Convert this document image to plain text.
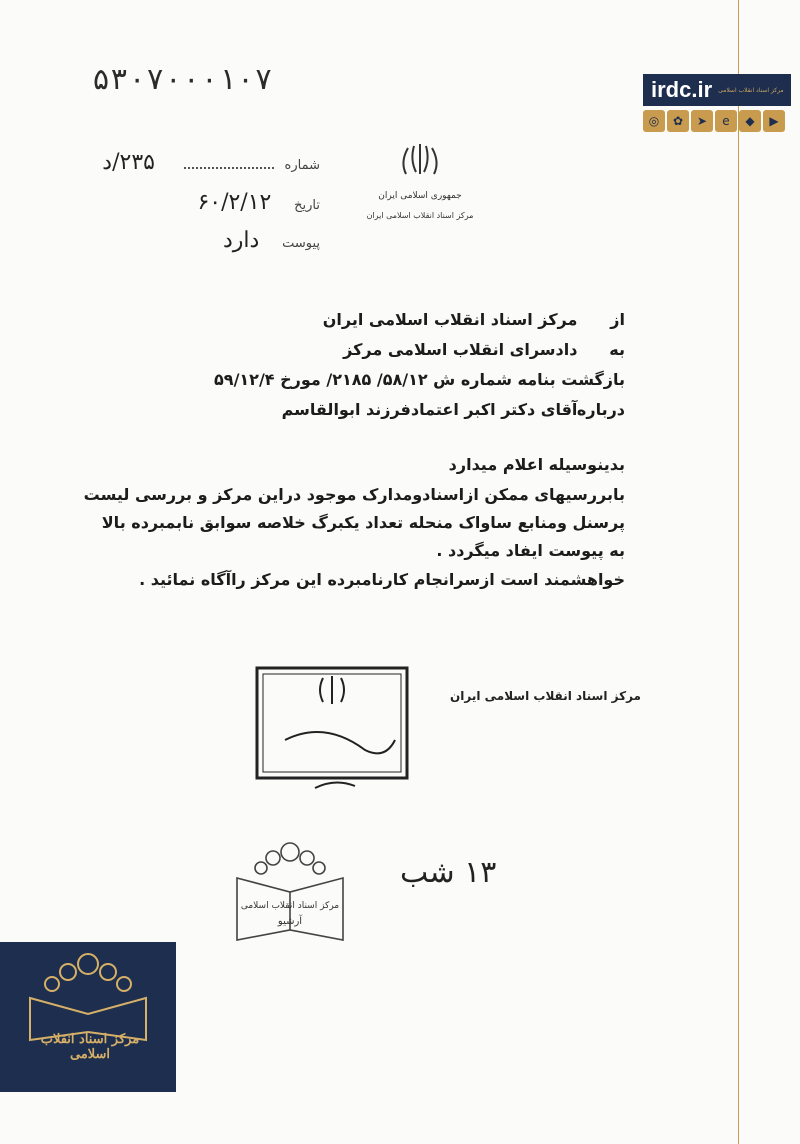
۵۳۰۷۰۰۰۱۰۷
شماره  ۲۳۵/د
تاریخ ۶۰/۲/۱۲
پیوست دارد
جمهوری اسلامی ایران
مرکز اسناد انقلاب اسلامی ایران
از مرکز اسناد انقلاب اسلامی ایران
به دادسرای انقلاب اسلامی مرکز
بازگشت بنامه شماره ش ۵۸/۱۲/ ۲۱۸۵/ مورخ ۵۹/۱۲/۴
درباره آقای دکتر اکبر اعتمادفرزند ابوالقاسم
بدینوسیله اعلام میدارد
بابررسیهای ممکن ازاسنادومدارک موجود دراین مرکز و بررسی لیست
پرسنل ومنابع ساواک منحله تعداد یکبرگ خلاصه سوابق نابمبرده بالا
به پیوست ایفاد میگردد .
خواهشمند است ازسرانجام کارنامبرده این مرکز راآگاه نمائید .
مرکز اسناد انقلاب اسلامی ایران
مرکز اسناد انقلاب اسلامی
آرشیو
۱۳ شب
irdc.ir مرکز اسناد انقلاب اسلامی
◎	✿	➤	e	◆	▶
مرکز اسناد انقلاب اسلامی
